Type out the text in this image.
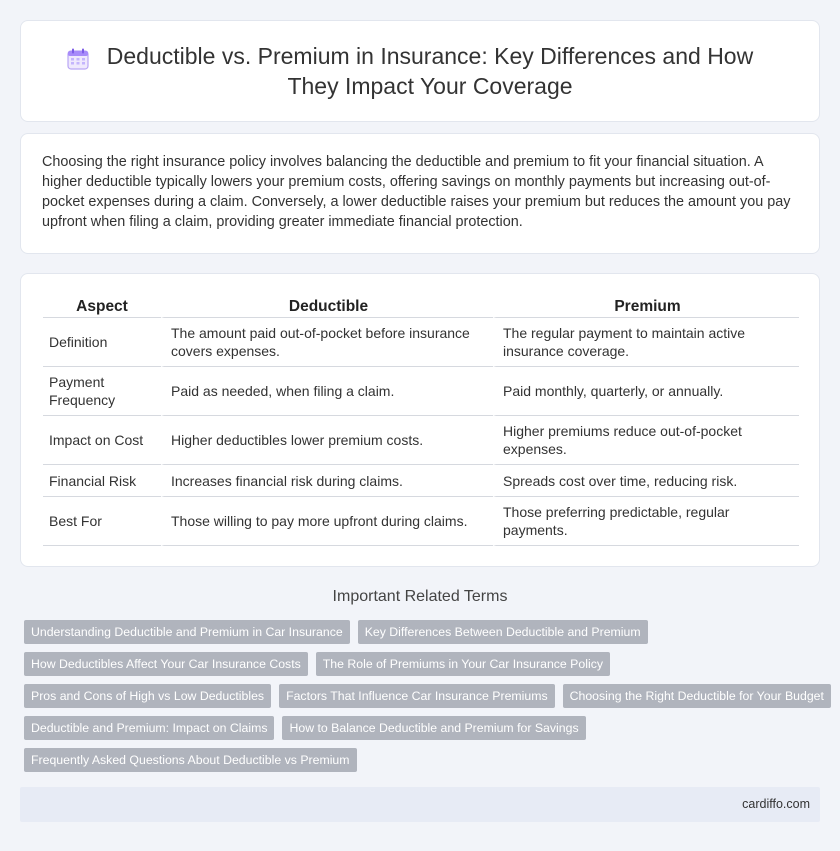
Deductible vs. Premium in Insurance: Key Differences and How They Impact Your Coverage

Choosing the right insurance policy involves balancing the deductible and premium to fit your financial situation. A higher deductible typically lowers your premium costs, offering savings on monthly payments but increasing out-of-pocket expenses during a claim. Conversely, a lower deductible raises your premium but reduces the amount you pay upfront when filing a claim, providing greater immediate financial protection.

Aspect	Deductible	Premium
Definition	The amount paid out-of-pocket before insurance covers expenses.	The regular payment to maintain active insurance coverage.
Payment Frequency	Paid as needed, when filing a claim.	Paid monthly, quarterly, or annually.
Impact on Cost	Higher deductibles lower premium costs.	Higher premiums reduce out-of-pocket expenses.
Financial Risk	Increases financial risk during claims.	Spreads cost over time, reducing risk.
Best For	Those willing to pay more upfront during claims.	Those preferring predictable, regular payments.
Important Related Terms
Understanding Deductible and Premium in Car Insurance	Key Differences Between Deductible and Premium
How Deductibles Affect Your Car Insurance Costs	The Role of Premiums in Your Car Insurance Policy
Pros and Cons of High vs Low Deductibles	Factors That Influence Car Insurance Premiums	Choosing the Right Deductible for Your Budget
Deductible and Premium: Impact on Claims	How to Balance Deductible and Premium for Savings
Frequently Asked Questions About Deductible vs Premium
cardiffo.com
